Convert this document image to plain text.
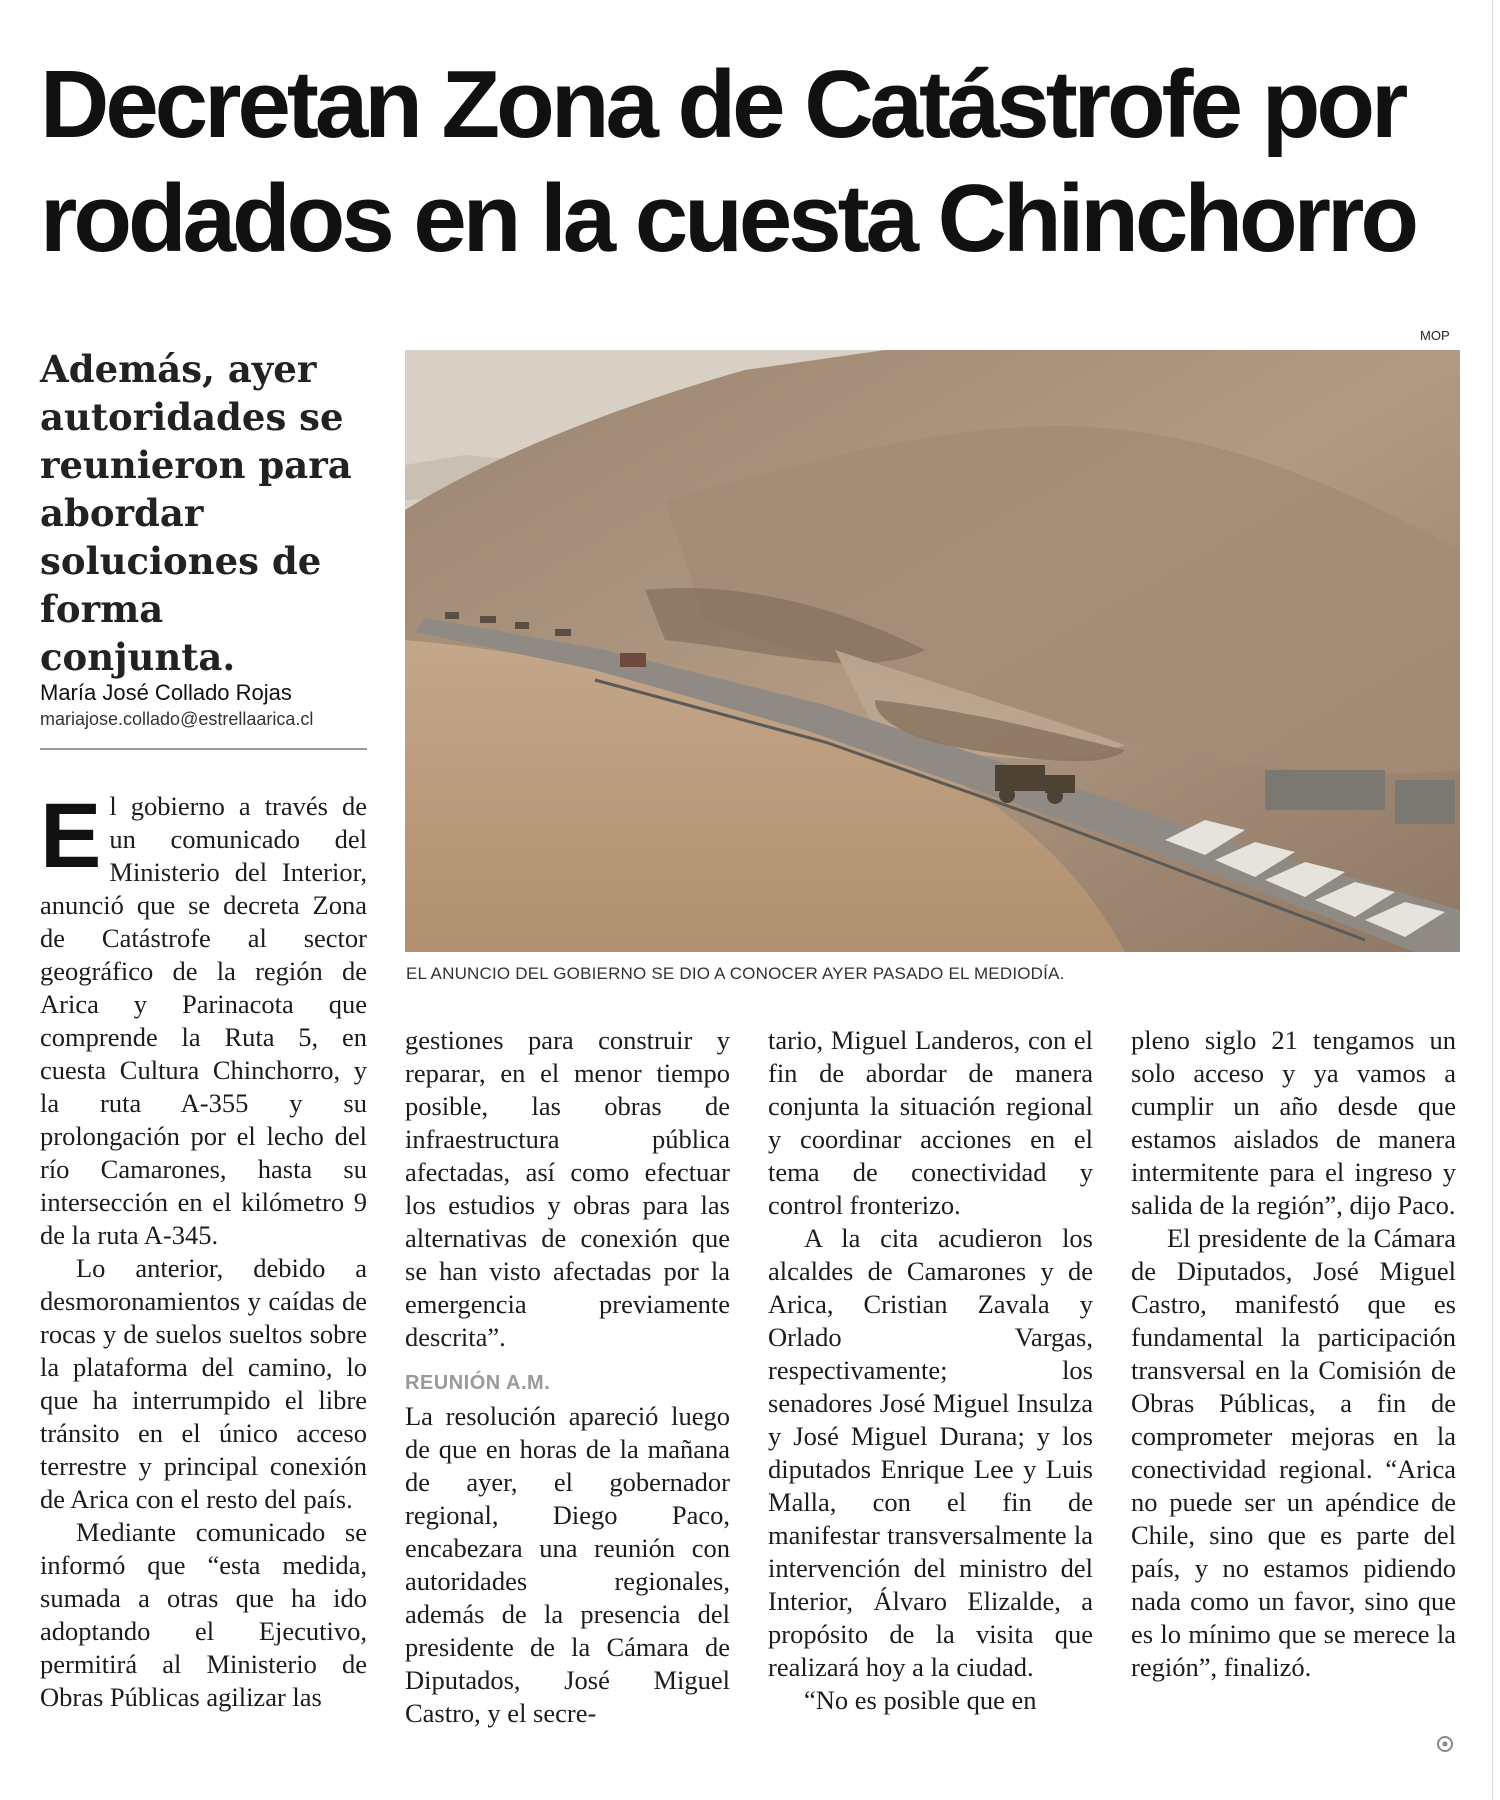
Decretan Zona de Catástrofe por
rodados en la cuesta Chinchorro
Además, ayer autoridades se reunieron para abordar soluciones de forma conjunta.
María José Collado Rojas
mariajose.collado@estrellaarica.cl
MOP
EL ANUNCIO DEL GOBIERNO SE DIO A CONOCER AYER PASADO EL MEDIODÍA.

El gobierno a través de un comunicado del Ministerio del Interior, anunció que se decreta Zona de Catástrofe al sector geográfico de la región de Arica y Parinacota que comprende la Ruta 5, en cuesta Cultura Chinchorro, y la ruta A-355 y su prolongación por el lecho del río Camarones, hasta su intersección en el kilómetro 9 de la ruta A-345.

Lo anterior, debido a desmoronamientos y caídas de rocas y de suelos sueltos sobre la plataforma del camino, lo que ha interrumpido el libre tránsito en el único acceso terrestre y principal conexión de Arica con el resto del país.

Mediante comunicado se informó que “esta medida, sumada a otras que ha ido adoptando el Ejecutivo, permitirá al Ministerio de Obras Públicas agilizar las

gestiones para construir y reparar, en el menor tiempo posible, las obras de infraestructura pública afectadas, así como efectuar los estudios y obras para las alternativas de conexión que se han visto afectadas por la emergencia previamente descrita”.

REUNIÓN A.M.

La resolución apareció luego de que en horas de la mañana de ayer, el gobernador regional, Diego Paco, encabezara una reunión con autoridades regionales, además de la presencia del presidente de la Cámara de Diputados, José Miguel Castro, y el secre-

tario, Miguel Landeros, con el fin de abordar de manera conjunta la situación regional y coordinar acciones en el tema de conectividad y control fronterizo.

A la cita acudieron los alcaldes de Camarones y de Arica, Cristian Zavala y Orlado Vargas, respectivamente; los senadores José Miguel Insulza y José Miguel Durana; y los diputados Enrique Lee y Luis Malla, con el fin de manifestar transversalmente la intervención del ministro del Interior, Álvaro Elizalde, a propósito de la visita que realizará hoy a la ciudad.

“No es posible que en

pleno siglo 21 tengamos un solo acceso y ya vamos a cumplir un año desde que estamos aislados de manera intermitente para el ingreso y salida de la región”, dijo Paco.

El presidente de la Cámara de Diputados, José Miguel Castro, manifestó que es fundamental la participación transversal en la Comisión de Obras Públicas, a fin de comprometer mejoras en la conectividad regional. “Arica no puede ser un apéndice de Chile, sino que es parte del país, y no estamos pidiendo nada como un favor, sino que es lo mínimo que se merece la región”, finalizó.
